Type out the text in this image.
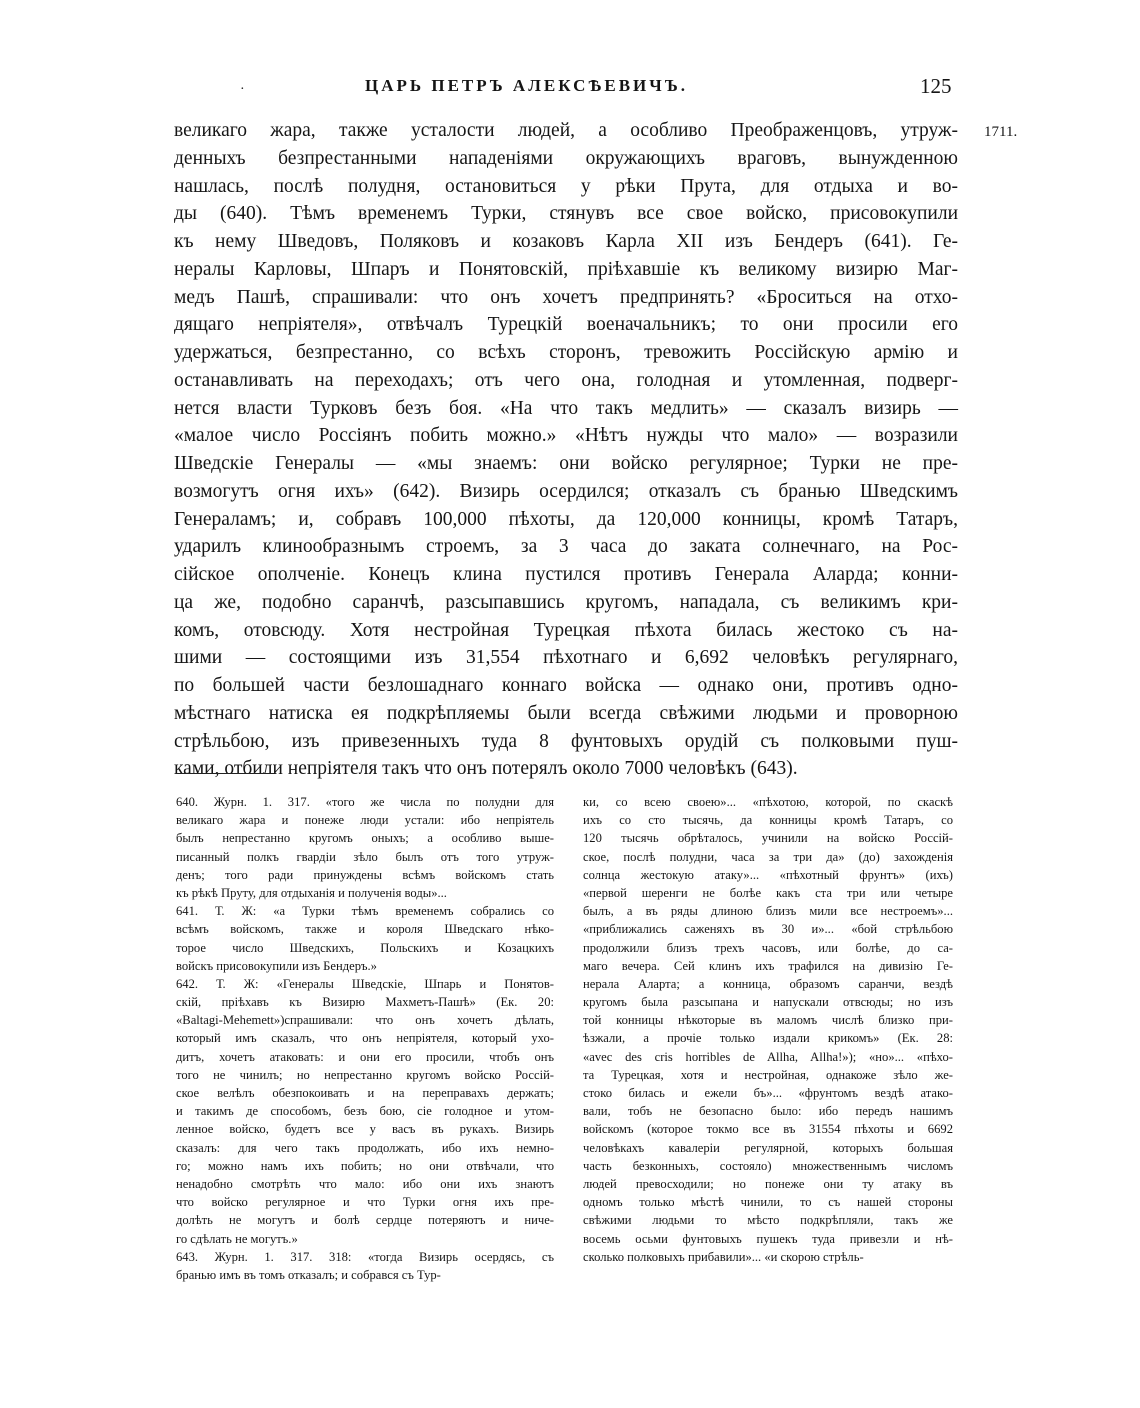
·	ЦАРЬ ПЕТРЪ АЛЕКСѢЕВИЧЪ.	125
1711.
великаго жара, также усталости людей, а особливо Преображенцовъ, утруж-
денныхъ безпрестанными нападеніями окружающихъ враговъ, вынужденною
нашлась, послѣ полудня, остановиться у рѣки Прута, для отдыха и во-
ды (640). Тѣмъ временемъ Турки, стянувъ все свое войско, присовокупили
къ нему Шведовъ, Поляковъ и козаковъ Карла XII изъ Бендеръ (641). Ге-
нералы Карловы, Шпаръ и Понятовскій, пріѣхавшіе къ великому визирю Маг-
медъ Пашѣ, спрашивали: что онъ хочетъ предпринять? «Броситься на отхо-
дящаго непріятеля», отвѣчалъ Турецкій военачальникъ; то они просили его
удержаться, безпрестанно, со всѣхъ сторонъ, тревожить Россійскую армію и
останавливать на переходахъ; отъ чего она, голодная и утомленная, подверг-
нется власти Турковъ безъ боя. «На что такъ медлить» — сказалъ визирь —
«малое число Россіянъ побить можно.» «Нѣтъ нужды что мало» — возразили
Шведскіе Генералы — «мы знаемъ: они войско регулярное; Турки не пре-
возмогутъ огня ихъ» (642). Визирь осердился; отказалъ съ бранью Шведскимъ
Генераламъ; и, собравъ 100,000 пѣхоты, да 120,000 конницы, кромѣ Татаръ,
ударилъ клинообразнымъ строемъ, за 3 часа до заката солнечнаго, на Рос-
сійское ополченіе. Конецъ клина пустился противъ Генерала Аларда; конни-
ца же, подобно саранчѣ, разсыпавшись кругомъ, нападала, съ великимъ кри-
комъ, отовсюду. Хотя нестройная Турецкая пѣхота билась жестоко съ на-
шими — состоящими изъ 31,554 пѣхотнаго и 6,692 человѣкъ регулярнаго,
по большей части безлошаднаго коннаго войска — однако они, противъ одно-
мѣстнаго натиска ея подкрѣпляемы были всегда свѣжими людьми и проворною
стрѣльбою, изъ привезенныхъ туда 8 фунтовыхъ орудій съ полковыми пуш-
ками, отбили непріятеля такъ что онъ потерялъ около 7000 человѣкъ (643).
640. Журн. 1. 317. «того же числа по полудни для
великаго жара и понеже люди устали: ибо непріятель
былъ непрестанно кругомъ оныхъ; а особливо выше-
писанный полкъ гвардіи зѣло былъ отъ того утруж-
денъ; того ради принуждены всѣмъ войскомъ стать
къ рѣкѣ Пруту, для отдыханія и полученія воды»...
641. Т. Ж: «а Турки тѣмъ временемъ собрались со
всѣмъ войскомъ, также и короля Шведскаго нѣко-
торое число Шведскихъ, Польскихъ и Козацкихъ
войскъ присовокупили изъ Бендеръ.»
642. Т. Ж: «Генералы Шведскіе, Шпарь и Понятов-
скій, пріѣхавъ къ Визирю Махметъ-Пашѣ» (Ек. 20:
«Baltagi-Mehemett»)спрашивали: что онъ хочетъ дѣлать,
который имъ сказалъ, что онъ непріятеля, который ухо-
дитъ, хочетъ атаковать: и они его просили, чтобъ онъ
того не чинилъ; но непрестанно кругомъ войско Россій-
ское велѣлъ обезпокоивать и на переправахъ держать;
и такимъ де способомъ, безъ бою, сіе голодное и утом-
ленное войско, будетъ все у васъ въ рукахъ. Визирь
сказалъ: для чего такъ продолжать, ибо ихъ немно-
го; можно намъ ихъ побить; но они отвѣчали, что
ненадобно смотрѣть что мало: ибо они ихъ знаютъ
что войско регулярное и что Турки огня ихъ пре-
долѣть не могутъ и болѣ сердце потеряютъ и ниче-
го сдѣлать не могутъ.»
643. Журн. 1. 317. 318: «тогда Визирь осердясь, съ
бранью имъ въ томъ отказалъ; и собрався съ Тур-
ки, со всею своею»... «пѣхотою, которой, по скаскѣ
ихъ со сто тысячь, да конницы кромѣ Татаръ, со
120 тысячь обрѣталось, учинили на войско Россій-
ское, послѣ полудни, часа за три да» (до) захожденія
солнца жестокую атаку»... «пѣхотный фрунтъ» (ихъ)
«первой шеренги не болѣе какъ ста три или четыре
былъ, а въ ряды длиною близъ мили все нестроемъ»...
«приближались саженяхъ въ 30 и»... «бой стрѣльбою
продолжили близъ трехъ часовъ, или болѣе, до са-
маго вечера. Сей клинъ ихъ трафился на дивизію Ге-
нерала Аларта; а конница, образомъ саранчи, вездѣ
кругомъ была разсыпана и напускали отвсюды; но изъ
той конницы нѣкоторые въ маломъ числѣ близко при-
ѣзжали, а прочіе только издали крикомъ» (Ек. 28:
«avec des cris horribles de Allha, Allha!»); «но»... «пѣхо-
та Турецкая, хотя и нестройная, однакоже зѣло же-
стоко билась и ежели бъ»... «фрунтомъ вездѣ атако-
вали, тобъ не безопасно было: ибо передъ нашимъ
войскомъ (которое токмо все въ 31554 пѣхоты и 6692
человѣкахъ кавалеріи регулярной, которыхъ большая
часть безконныхъ, состояло) множественнымъ числомъ
людей превосходили; но понеже они ту атаку въ
одномъ только мѣстѣ чинили, то съ нашей стороны
свѣжими людьми то мѣсто подкрѣпляли, такъ же
восемь осьми фунтовыхъ пушекъ туда привезли и нѣ-
сколько полковыхъ прибавили»... «и скорою стрѣль-
